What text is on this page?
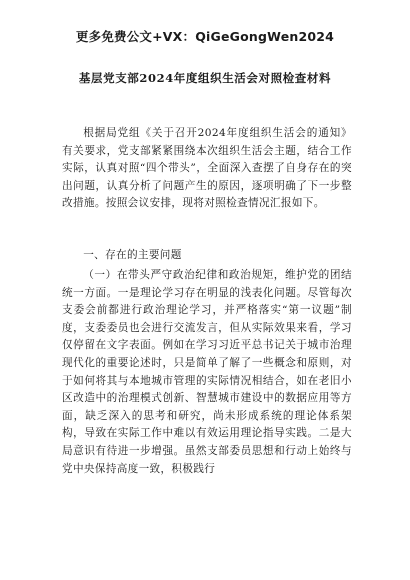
更多免费公文+VX：QiGeGongWen2024
基层党支部2024年度组织生活会对照检查材料

根据局党组《关于召开2024年度组织生活会的通知》有关要求，党支部紧紧围绕本次组织生活会主题，结合工作实际，认真对照“四个带头”，全面深入查摆了自身存在的突出问题，认真分析了问题产生的原因，逐项明确了下一步整改措施。按照会议安排，现将对照检查情况汇报如下。

一、存在的主要问题

（一）在带头严守政治纪律和政治规矩，维护党的团结统一方面。一是理论学习存在明显的浅表化问题。尽管每次支委会前都进行政治理论学习，并严格落实“第一议题”制度，支委委员也会进行交流发言，但从实际效果来看，学习仅停留在文字表面。例如在学习习近平总书记关于城市治理现代化的重要论述时，只是简单了解了一些概念和原则，对于如何将其与本地城市管理的实际情况相结合，如在老旧小区改造中的治理模式创新、智慧城市建设中的数据应用等方面，缺乏深入的思考和研究，尚未形成系统的理论体系架构，导致在实际工作中难以有效运用理论指导实践。二是大局意识有待进一步增强。虽然支部委员思想和行动上始终与党中央保持高度一致，积极践行
